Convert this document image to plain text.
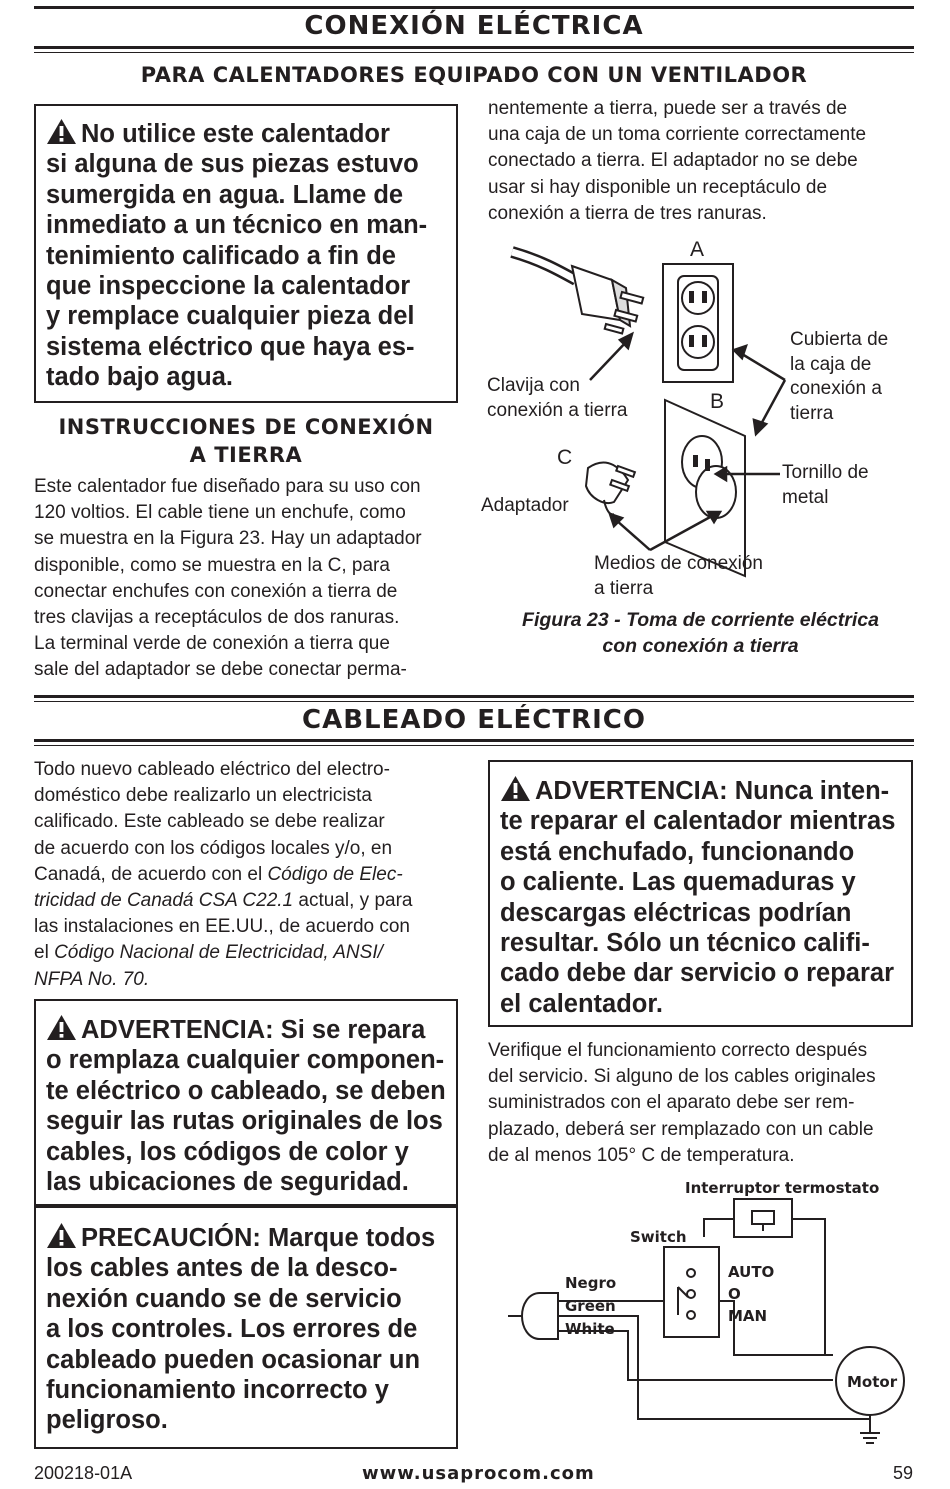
CONEXIÓN ELÉCTRICA
PARA CALENTADORES EQUIPADO CON UN VENTILADOR

No utilice este calentador
si alguna de sus piezas estuvo
sumergida en agua. Llame de
inmediato a un técnico en man-
tenimiento calificado a fin de
que inspeccione la calentador
y remplace cualquier pieza del
sistema eléctrico que haya es-
tado bajo agua.

INSTRUCCIONES DE CONEXIÓN
A TIERRA

Este calentador fue diseñado para su uso con
120 voltios. El cable tiene un enchufe, como
se muestra en la Figura 23. Hay un adaptador
disponible, como se muestra en la C, para
conectar enchufes con conexión a tierra de
tres clavijas a receptáculos de dos ranuras.
La terminal verde de conexión a tierra que
sale del adaptador se debe conectar perma-

nentemente a tierra, puede ser a través de
una caja de un toma corriente correctamente
conectado a tierra. El adaptador no se debe
usar si hay disponible un receptáculo de
conexión a tierra de tres ranuras.

A
B
C
Clavija con
conexión a tierra
Adaptador
Cubierta de
la caja de
conexión a
tierra
Tornillo de
metal
Medios de conexión
a tierra

Figura 23 - Toma de corriente eléctrica
con conexión a tierra

CABLEADO ELÉCTRICO

Todo nuevo cableado eléctrico del electro-
doméstico debe realizarlo un electricista
calificado. Este cableado se debe realizar
de acuerdo con los códigos locales y/o, en
Canadá, de acuerdo con el Código de Elec-
tricidad de Canadá CSA C22.1 actual, y para
las instalaciones en EE.UU., de acuerdo con
el Código Nacional de Electricidad, ANSI/
NFPA No. 70.

ADVERTENCIA: Si se repara
o remplaza cualquier componen-
te eléctrico o cableado, se deben
seguir las rutas originales de los
cables, los códigos de color y
las ubicaciones de seguridad.

PRECAUCIÓN: Marque todos
los cables antes de la desco-
nexión cuando se de servicio
a los controles. Los errores de
cableado pueden ocasionar un
funcionamiento incorrecto y
peligroso.

ADVERTENCIA: Nunca inten-
te reparar el calentador mientras
está enchufado, funcionando
o caliente. Las quemaduras y
descargas eléctricas podrían
resultar. Sólo un técnico califi-
cado debe dar servicio o reparar
el calentador.

Verifique el funcionamiento correcto después
del servicio. Si alguno de los cables originales
suministrados con el aparato debe ser rem-
plazado, deberá ser remplazado con un cable
de al menos 105° C de temperatura.

Interruptor termostato
Switch
AUTO
O
MAN
Negro
Green
White
Motor
200218-01A	www.usaprocom.com	59
